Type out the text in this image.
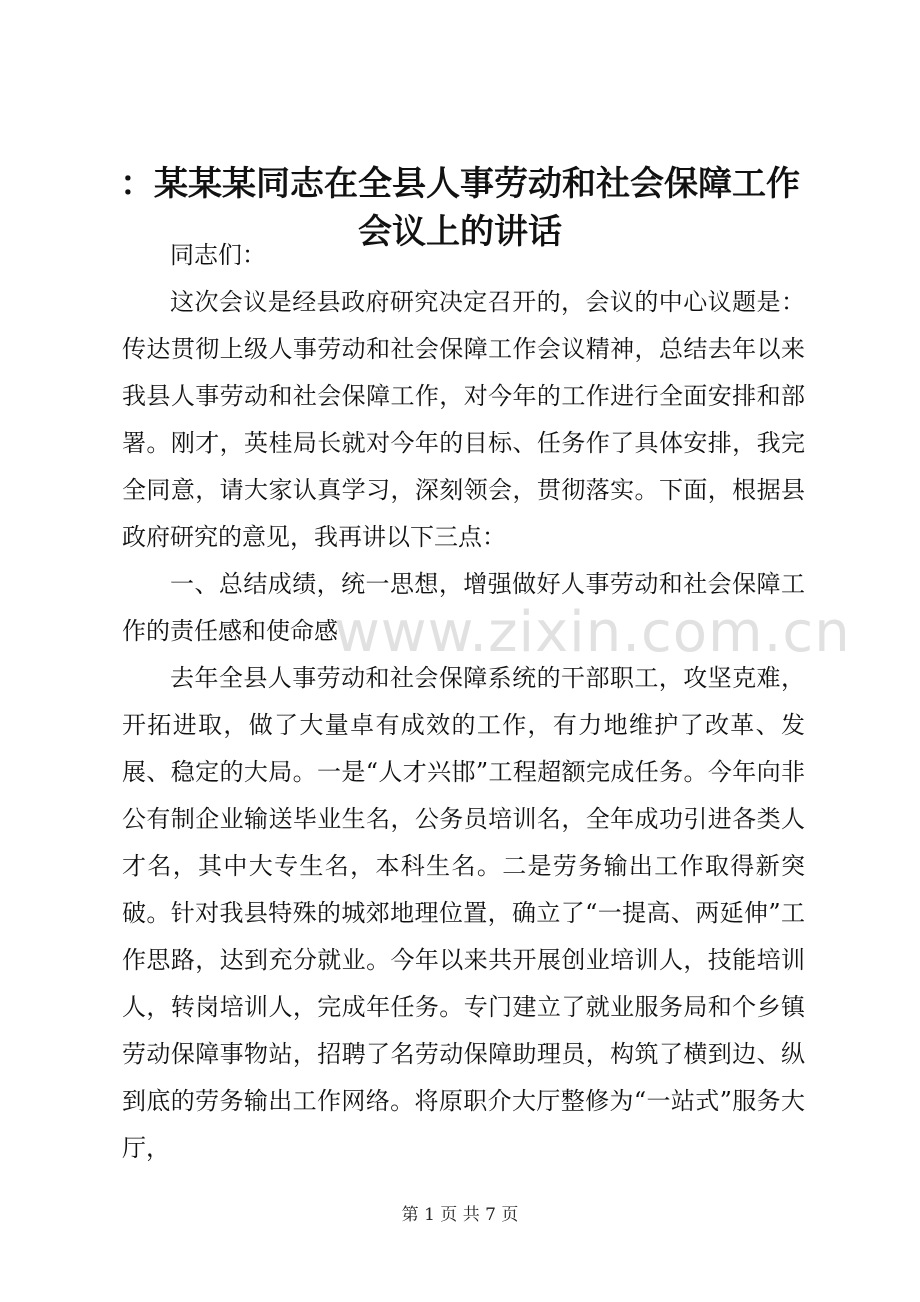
：某某某同志在全县人事劳动和社会保障工作
会议上的讲话

同志们：

这次会议是经县政府研究决定召开的，会议的中心议题是：传达贯彻上级人事劳动和社会保障工作会议精神，总结去年以来我县人事劳动和社会保障工作，对今年的工作进行全面安排和部署。刚才，英桂局长就对今年的目标、任务作了具体安排，我完全同意，请大家认真学习，深刻领会，贯彻落实。下面，根据县政府研究的意见，我再讲以下三点：

一、总结成绩，统一思想，增强做好人事劳动和社会保障工作的责任感和使命感

去年全县人事劳动和社会保障系统的干部职工，攻坚克难，开拓进取，做了大量卓有成效的工作，有力地维护了改革、发展、稳定的大局。一是“人才兴邯”工程超额完成任务。今年向非公有制企业输送毕业生名，公务员培训名，全年成功引进各类人才名，其中大专生名，本科生名。二是劳务输出工作取得新突破。针对我县特殊的城郊地理位置，确立了“一提高、两延伸”工作思路，达到充分就业。今年以来共开展创业培训人，技能培训人，转岗培训人，完成年任务。专门建立了就业服务局和个乡镇劳动保障事物站，招聘了名劳动保障助理员，构筑了横到边、纵到底的劳务输出工作网络。将原职介大厅整修为“一站式”服务大厅，

www.zixin.com.cn
第 1 页 共 7 页
